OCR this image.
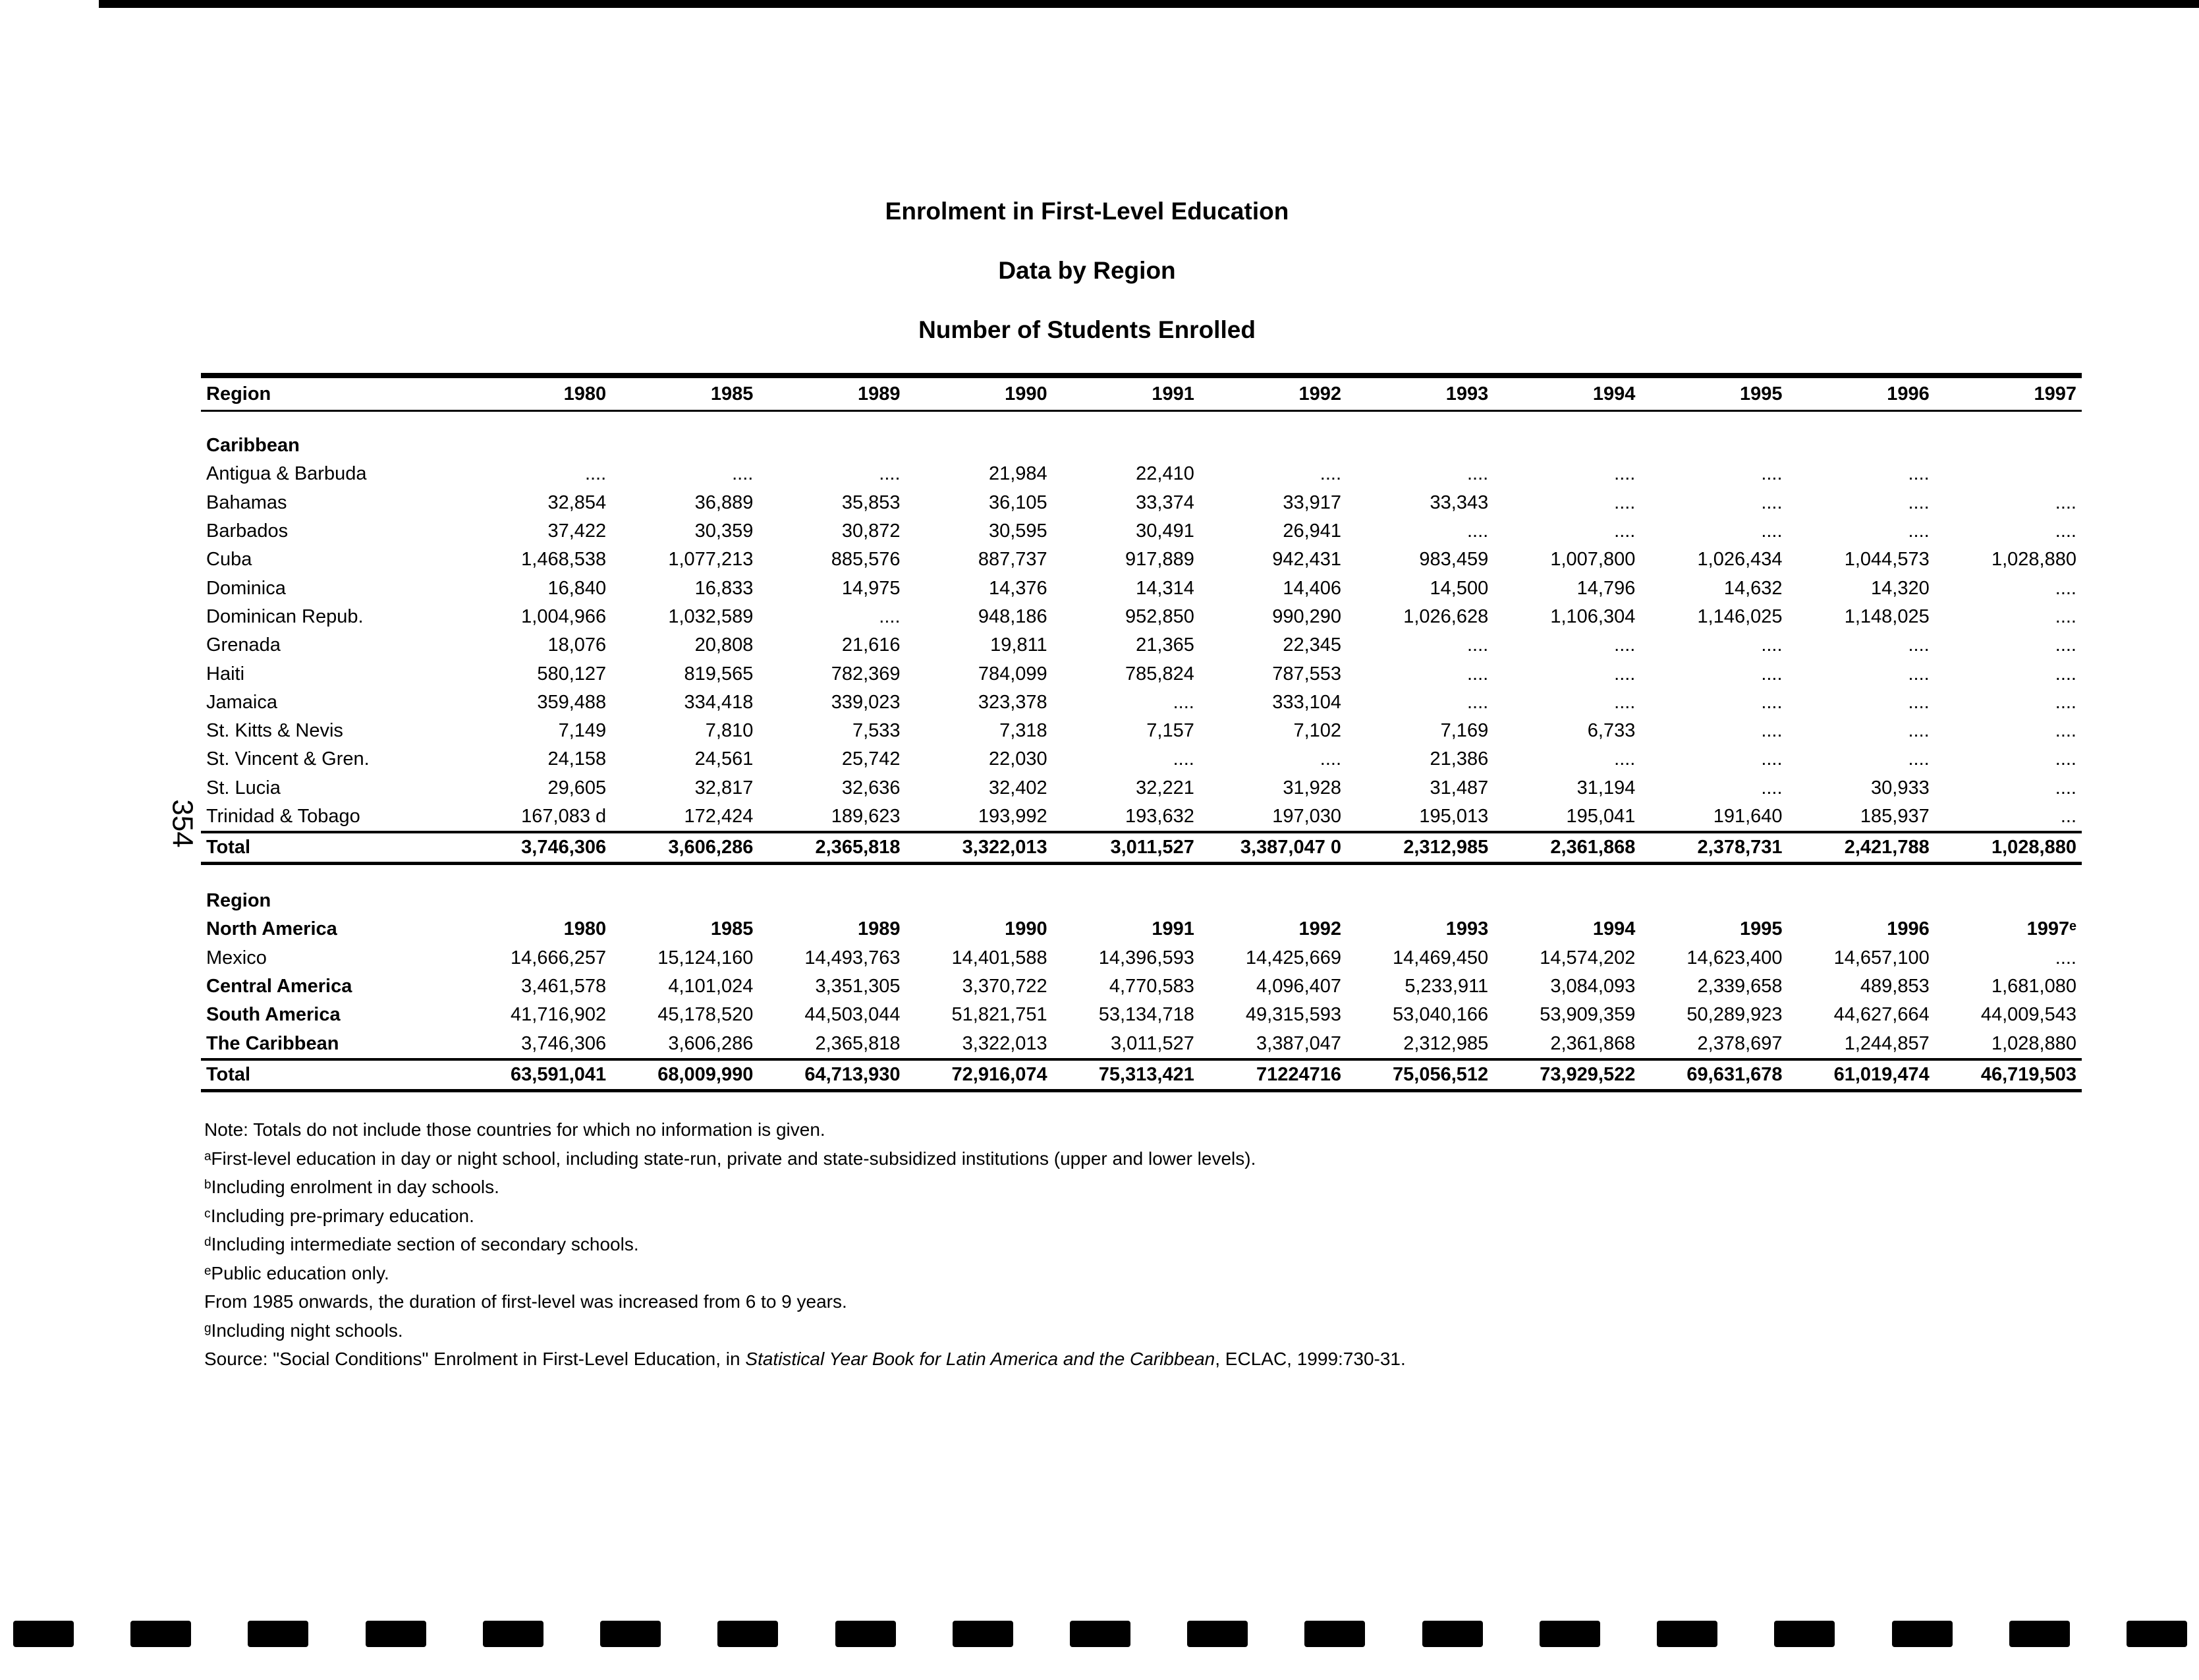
Enrolment in First-Level Education
Data by Region
Number of Students Enrolled
354
Region	1980	1985	1989	1990	1991	1992	1993	1994	1995	1996	1997

Caribbean											
Antigua & Barbuda	....	....	....	21,984	22,410	....	....	....	....	....	
Bahamas	32,854	36,889	35,853	36,105	33,374	33,917	33,343	....	....	....	....
Barbados	37,422	30,359	30,872	30,595	30,491	26,941	....	....	....	....	....
Cuba	1,468,538	1,077,213	885,576	887,737	917,889	942,431	983,459	1,007,800	1,026,434	1,044,573	1,028,880
Dominica	16,840	16,833	14,975	14,376	14,314	14,406	14,500	14,796	14,632	14,320	....
Dominican Repub.	1,004,966	1,032,589	....	948,186	952,850	990,290	1,026,628	1,106,304	1,146,025	1,148,025	....
Grenada	18,076	20,808	21,616	19,811	21,365	22,345	....	....	....	....	....
Haiti	580,127	819,565	782,369	784,099	785,824	787,553	....	....	....	....	....
Jamaica	359,488	334,418	339,023	323,378	....	333,104	....	....	....	....	....
St. Kitts & Nevis	7,149	7,810	7,533	7,318	7,157	7,102	7,169	6,733	....	....	....
St. Vincent & Gren.	24,158	24,561	25,742	22,030	....	....	21,386	....	....	....	....
St. Lucia	29,605	32,817	32,636	32,402	32,221	31,928	31,487	31,194	....	30,933	....
Trinidad & Tobago	167,083 d	172,424	189,623	193,992	193,632	197,030	195,013	195,041	191,640	185,937	...
Total	3,746,306	3,606,286	2,365,818	3,322,013	3,011,527	3,387,047 0	2,312,985	2,361,868	2,378,731	2,421,788	1,028,880
Region											
North America	1980	1985	1989	1990	1991	1992	1993	1994	1995	1996	1997ᵉ
Mexico	14,666,257	15,124,160	14,493,763	14,401,588	14,396,593	14,425,669	14,469,450	14,574,202	14,623,400	14,657,100	....
Central America	3,461,578	4,101,024	3,351,305	3,370,722	4,770,583	4,096,407	5,233,911	3,084,093	2,339,658	489,853	1,681,080
South America	41,716,902	45,178,520	44,503,044	51,821,751	53,134,718	49,315,593	53,040,166	53,909,359	50,289,923	44,627,664	44,009,543
The Caribbean	3,746,306	3,606,286	2,365,818	3,322,013	3,011,527	3,387,047	2,312,985	2,361,868	2,378,697	1,244,857	1,028,880
Total	63,591,041	68,009,990	64,713,930	72,916,074	75,313,421	71224716	75,056,512	73,929,522	69,631,678	61,019,474	46,719,503
Note: Totals do not include those countries for which no information is given.
ᵃFirst-level education in day or night school, including state-run, private and state-subsidized institutions (upper and lower levels).
ᵇIncluding enrolment in day schools.
ᶜIncluding pre-primary education.
ᵈIncluding intermediate section of secondary schools.
ᵉPublic education only.
From 1985 onwards, the duration of first-level was increased from 6 to 9 years.
ᵍIncluding night schools.
Source: "Social Conditions" Enrolment in First-Level Education, in Statistical Year Book for Latin America and the Caribbean, ECLAC, 1999:730-31.
